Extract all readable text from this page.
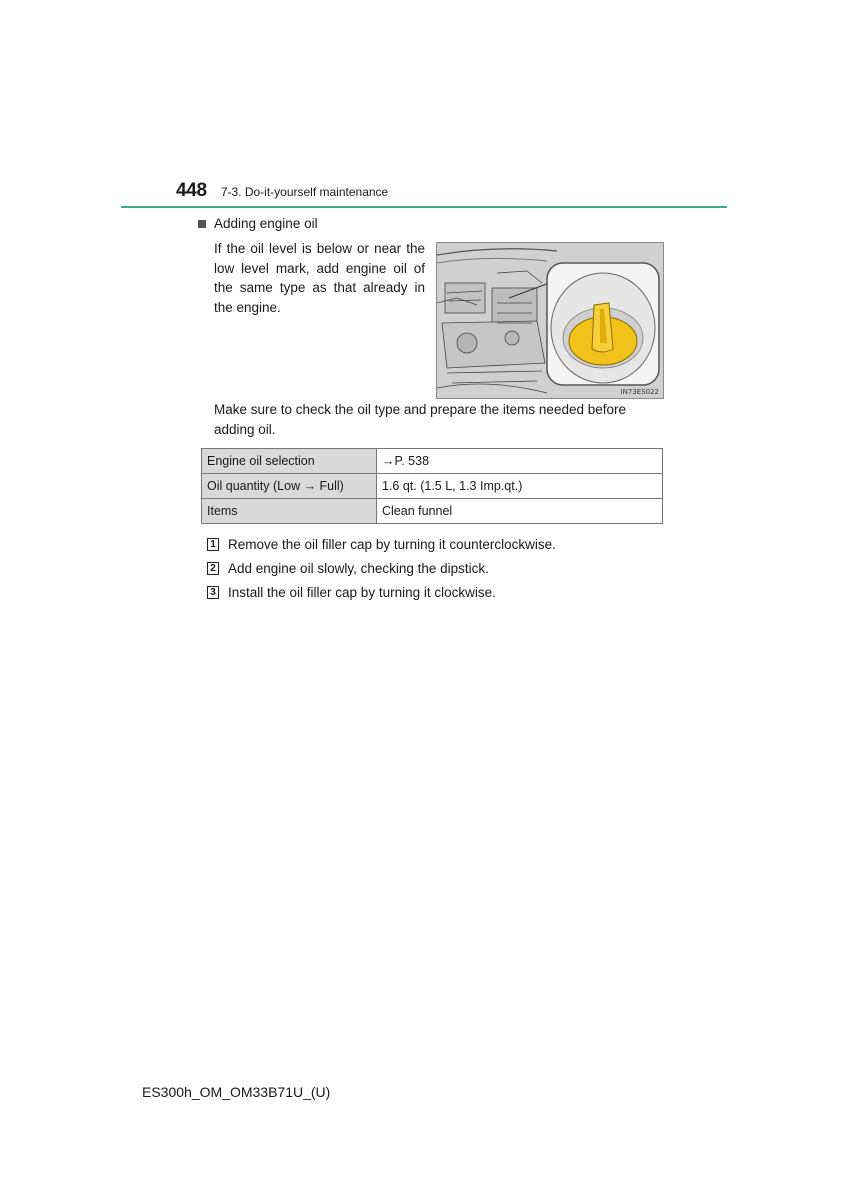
448 7-3. Do-it-yourself maintenance
Adding engine oil
If the oil level is below or near the low level mark, add engine oil of the same type as that already in the engine.
IN73ES022
Make sure to check the oil type and prepare the items needed before adding oil.
Engine oil selection	→P. 538
Oil quantity (Low → Full)	1.6 qt. (1.5 L, 1.3 Imp.qt.)
Items	Clean funnel
1 Remove the oil filler cap by turning it counterclockwise.
2 Add engine oil slowly, checking the dipstick.
3 Install the oil filler cap by turning it clockwise.
ES300h_OM_OM33B71U_(U)
